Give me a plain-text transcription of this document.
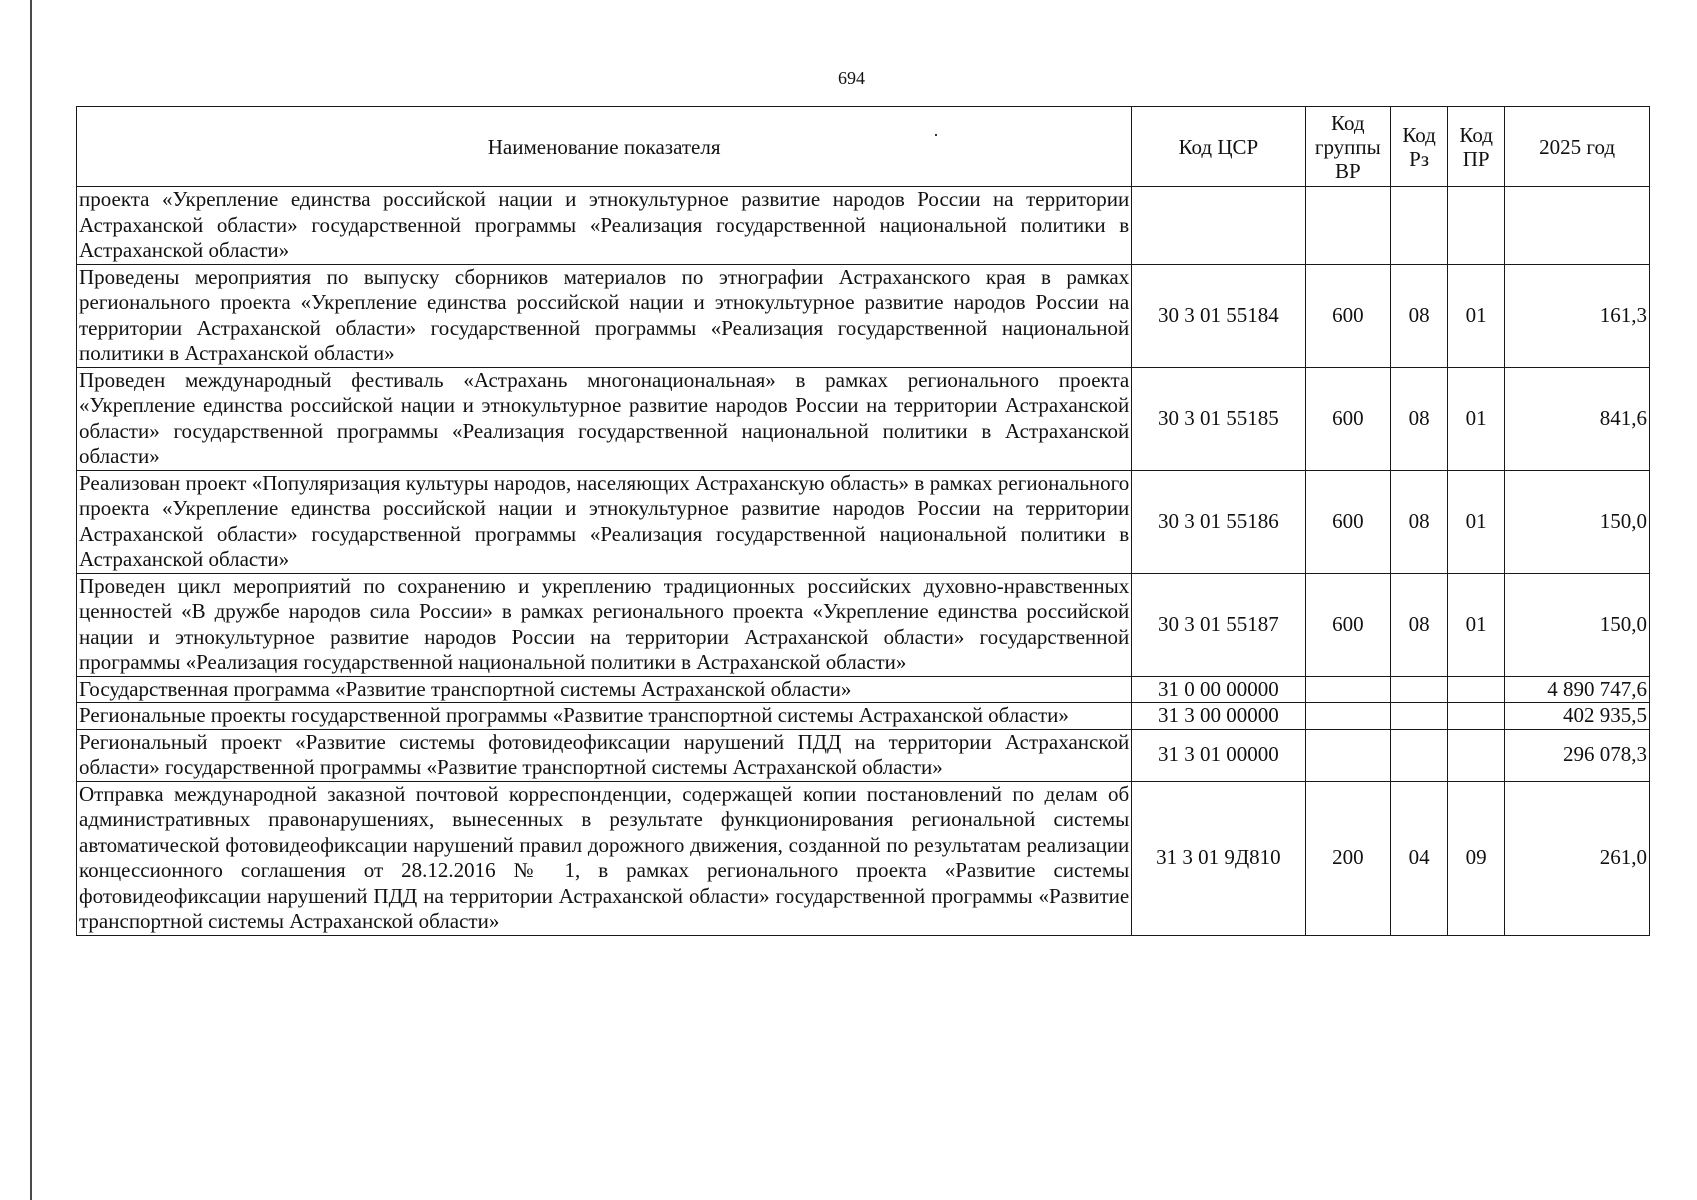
694
Наименование показателя	Код ЦСР	Код группы ВР	Код Рз	Код ПР	2025 год
проекта «Укрепление единства российской нации и этнокультурное развитие народов России на территории Астраханской области» государственной программы «Реализация государственной национальной политики в Астраханской области»					
Проведены мероприятия по выпуску сборников материалов по этнографии Астраханского края в рамках регионального проекта «Укрепление единства российской нации и этнокультурное развитие народов России на территории Астраханской области» государственной программы «Реализация государственной национальной политики в Астраханской области»	30 3 01 55184	600	08	01	161,3
Проведен международный фестиваль «Астрахань многонациональная» в рамках регионального проекта «Укрепление единства российской нации и этнокультурное развитие народов России на территории Астраханской области» государственной программы «Реализация государственной национальной политики в Астраханской области»	30 3 01 55185	600	08	01	841,6
Реализован проект «Популяризация культуры народов, населяющих Астраханскую область» в рамках регионального проекта «Укрепление единства российской нации и этнокультурное развитие народов России на территории Астраханской области» государственной программы «Реализация государственной национальной политики в Астраханской области»	30 3 01 55186	600	08	01	150,0
Проведен цикл мероприятий по сохранению и укреплению традиционных российских духовно-нравственных ценностей «В дружбе народов сила России» в рамках регионального проекта «Укрепление единства российской нации и этнокультурное развитие народов России на территории Астраханской области» государственной программы «Реализация государственной национальной политики в Астраханской области»	30 3 01 55187	600	08	01	150,0
Государственная программа «Развитие транспортной системы Астраханской области»	31 0 00 00000				4 890 747,6
Региональные проекты государственной программы «Развитие транспортной системы Астраханской области»	31 3 00 00000				402 935,5
Региональный проект «Развитие системы фотовидеофиксации нарушений ПДД на территории Астраханской области» государственной программы «Развитие транспортной системы Астраханской области»	31 3 01 00000				296 078,3
Отправка международной заказной почтовой корреспонденции, содержащей копии постановлений по делам об административных правонарушениях, вынесенных в результате функционирования региональной системы автоматической фотовидеофиксации нарушений правил дорожного движения, созданной по результатам реализации концессионного соглашения от 28.12.2016 № 1, в рамках регионального проекта «Развитие системы фотовидеофиксации нарушений ПДД на территории Астраханской области» государственной программы «Развитие транспортной системы Астраханской области»	31 3 01 9Д810	200	04	09	261,0
